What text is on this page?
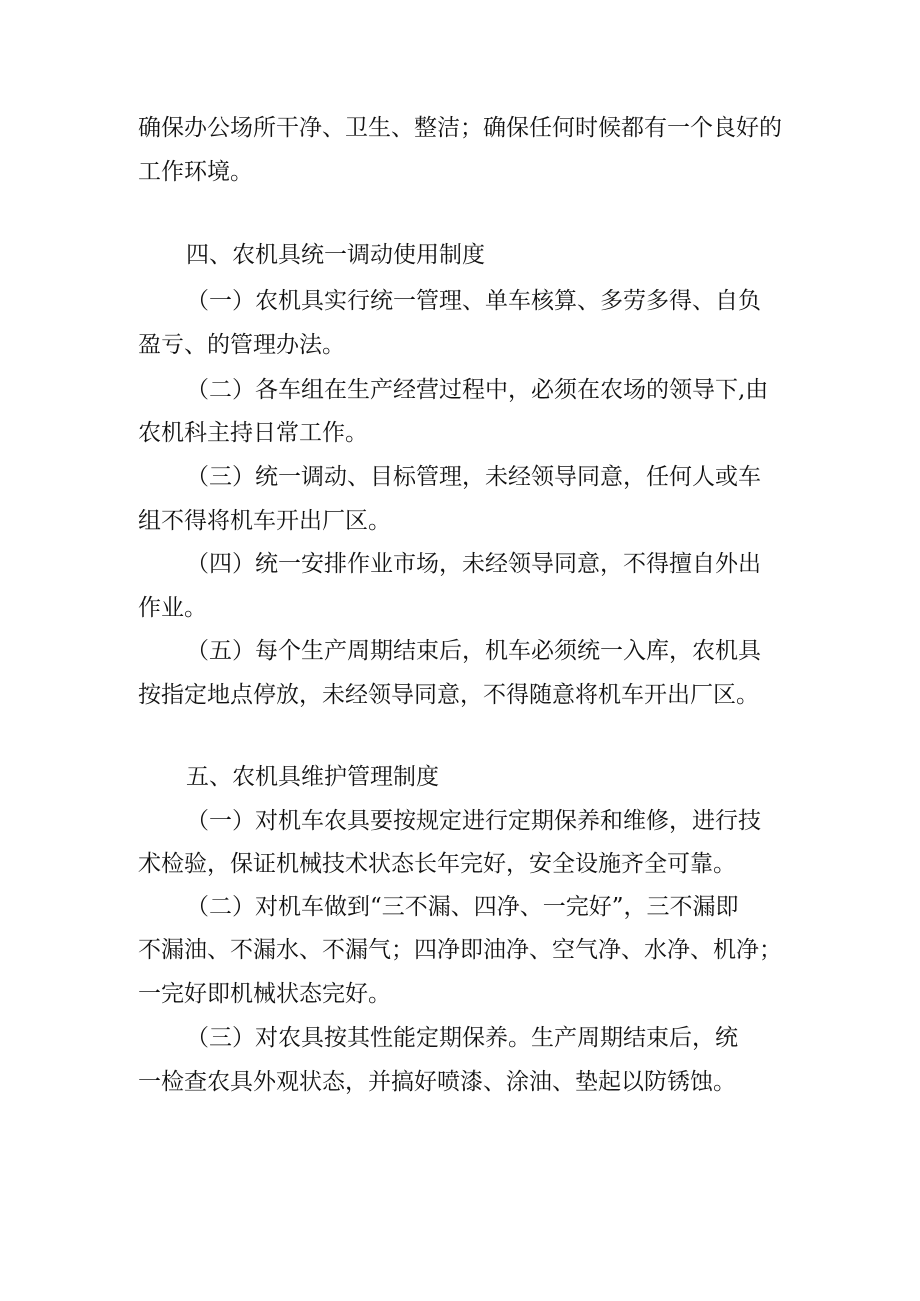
确保办公场所干净、卫生、整洁；确保任何时候都有一个良好的
工作环境。
四、农机具统一调动使用制度
（一）农机具实行统一管理、单车核算、多劳多得、自负
盈亏、的管理办法。
（二）各车组在生产经营过程中，必须在农场的领导下,由
农机科主持日常工作。
（三）统一调动、目标管理，未经领导同意，任何人或车
组不得将机车开出厂区。
（四）统一安排作业市场，未经领导同意，不得擅自外出
作业。
（五）每个生产周期结束后，机车必须统一入库，农机具
按指定地点停放，未经领导同意，不得随意将机车开出厂区。
五、农机具维护管理制度
（一）对机车农具要按规定进行定期保养和维修，进行技
术检验，保证机械技术状态长年完好，安全设施齐全可靠。
（二）对机车做到“三不漏、四净、一完好”，三不漏即
不漏油、不漏水、不漏气；四净即油净、空气净、水净、机净；
一完好即机械状态完好。
（三）对农具按其性能定期保养。生产周期结束后，统
一检查农具外观状态，并搞好喷漆、涂油、垫起以防锈蚀。
